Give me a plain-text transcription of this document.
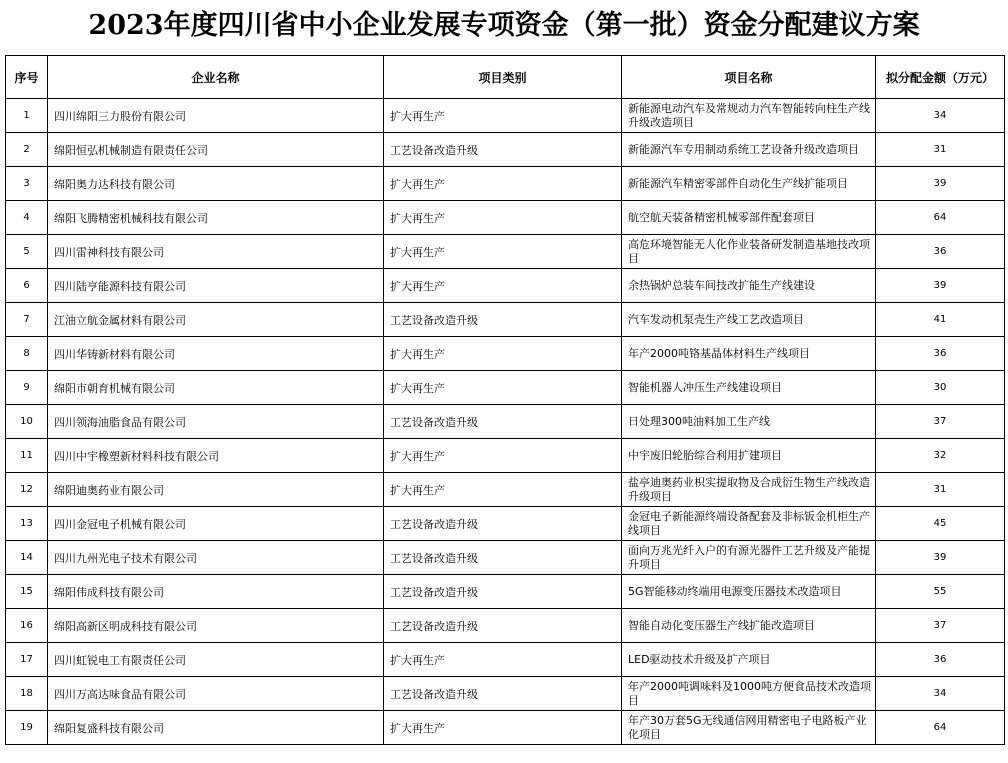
2023年度四川省中小企业发展专项资金（第一批）资金分配建议方案
序号	企业名称	项目类别	项目名称	拟分配金额（万元）
1	四川绵阳三力股份有限公司	扩大再生产	新能源电动汽车及常规动力汽车智能转向柱生产线升级改造项目	34
2	绵阳恒弘机械制造有限责任公司	工艺设备改造升级	新能源汽车专用制动系统工艺设备升级改造项目	31
3	绵阳奥力达科技有限公司	扩大再生产	新能源汽车精密零部件自动化生产线扩能项目	39
4	绵阳飞腾精密机械科技有限公司	扩大再生产	航空航天装备精密机械零部件配套项目	64
5	四川雷神科技有限公司	扩大再生产	高危环境智能无人化作业装备研发制造基地技改项目	36
6	四川陆亨能源科技有限公司	扩大再生产	余热锅炉总装车间技改扩能生产线建设	39
7	江油立航金属材料有限公司	工艺设备改造升级	汽车发动机泵壳生产线工艺改造项目	41
8	四川华铸新材料有限公司	扩大再生产	年产2000吨铬基晶体材料生产线项目	36
9	绵阳市朝育机械有限公司	扩大再生产	智能机器人冲压生产线建设项目	30
10	四川领海油脂食品有限公司	工艺设备改造升级	日处理300吨油料加工生产线	37
11	四川中宇橡塑新材料科技有限公司	扩大再生产	中宇废旧轮胎综合利用扩建项目	32
12	绵阳迪奥药业有限公司	扩大再生产	盐亭迪奥药业枳实提取物及合成衍生物生产线改造升级项目	31
13	四川金冠电子机械有限公司	工艺设备改造升级	金冠电子新能源终端设备配套及非标钣金机柜生产线项目	45
14	四川九州光电子技术有限公司	工艺设备改造升级	面向万兆光纤入户的有源光器件工艺升级及产能提升项目	39
15	绵阳伟成科技有限公司	工艺设备改造升级	5G智能移动终端用电源变压器技术改造项目	55
16	绵阳高新区明成科技有限公司	工艺设备改造升级	智能自动化变压器生产线扩能改造项目	37
17	四川虹锐电工有限责任公司	扩大再生产	LED驱动技术升级及扩产项目	36
18	四川万高达味食品有限公司	工艺设备改造升级	年产2000吨调味料及1000吨方便食品技术改造项目	34
19	绵阳复盛科技有限公司	扩大再生产	年产30万套5G无线通信网用精密电子电路板产业化项目	64
